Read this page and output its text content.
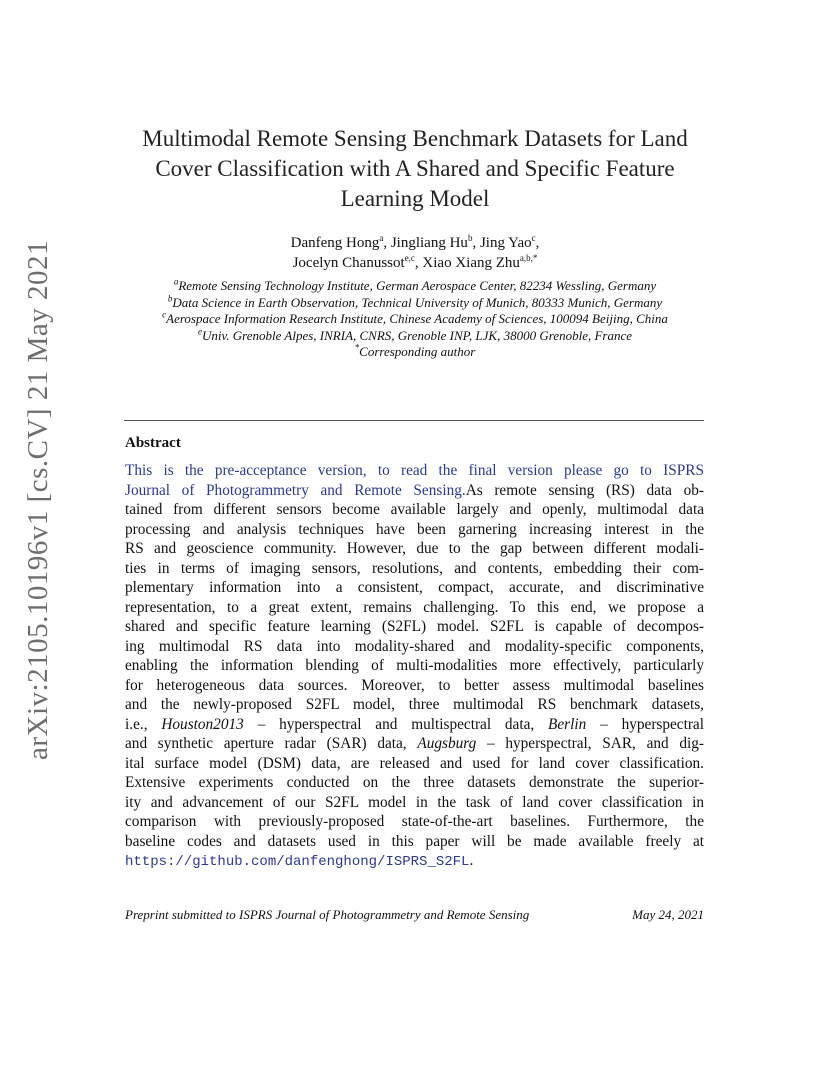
arXiv:2105.10196v1 [cs.CV] 21 May 2021
Multimodal Remote Sensing Benchmark Datasets for Land
Cover Classification with A Shared and Specific Feature
Learning Model
Danfeng Hong$^a$, Jingliang Hu$^b$, Jing Yao$^c$,
Jocelyn Chanussot$^{e,c}$, Xiao Xiang Zhu$^{a,b,*}$
$^a$Remote Sensing Technology Institute, German Aerospace Center, 82234 Wessling, Germany
$^b$Data Science in Earth Observation, Technical University of Munich, 80333 Munich, Germany
$^c$Aerospace Information Research Institute, Chinese Academy of Sciences, 100094 Beijing, China
$^e$Univ. Grenoble Alpes, INRIA, CNRS, Grenoble INP, LJK, 38000 Grenoble, France
*Corresponding author
Abstract
This is the pre-acceptance version, to read the final version please go to ISPRS
Journal of Photogrammetry and Remote Sensing.As remote sensing (RS) data ob-
tained from different sensors become available largely and openly, multimodal data
processing and analysis techniques have been garnering increasing interest in the
RS and geoscience community. However, due to the gap between different modali-
ties in terms of imaging sensors, resolutions, and contents, embedding their com-
plementary information into a consistent, compact, accurate, and discriminative
representation, to a great extent, remains challenging. To this end, we propose a
shared and specific feature learning (S2FL) model. S2FL is capable of decompos-
ing multimodal RS data into modality-shared and modality-specific components,
enabling the information blending of multi-modalities more effectively, particularly
for heterogeneous data sources. Moreover, to better assess multimodal baselines
and the newly-proposed S2FL model, three multimodal RS benchmark datasets,
i.e., Houston2013 – hyperspectral and multispectral data, Berlin – hyperspectral
and synthetic aperture radar (SAR) data, Augsburg – hyperspectral, SAR, and dig-
ital surface model (DSM) data, are released and used for land cover classification.
Extensive experiments conducted on the three datasets demonstrate the superior-
ity and advancement of our S2FL model in the task of land cover classification in
comparison with previously-proposed state-of-the-art baselines. Furthermore, the
baseline codes and datasets used in this paper will be made available freely at
https://github.com/danfenghong/ISPRS_S2FL.
Preprint submitted to ISPRS Journal of Photogrammetry and Remote Sensing	May 24, 2021
